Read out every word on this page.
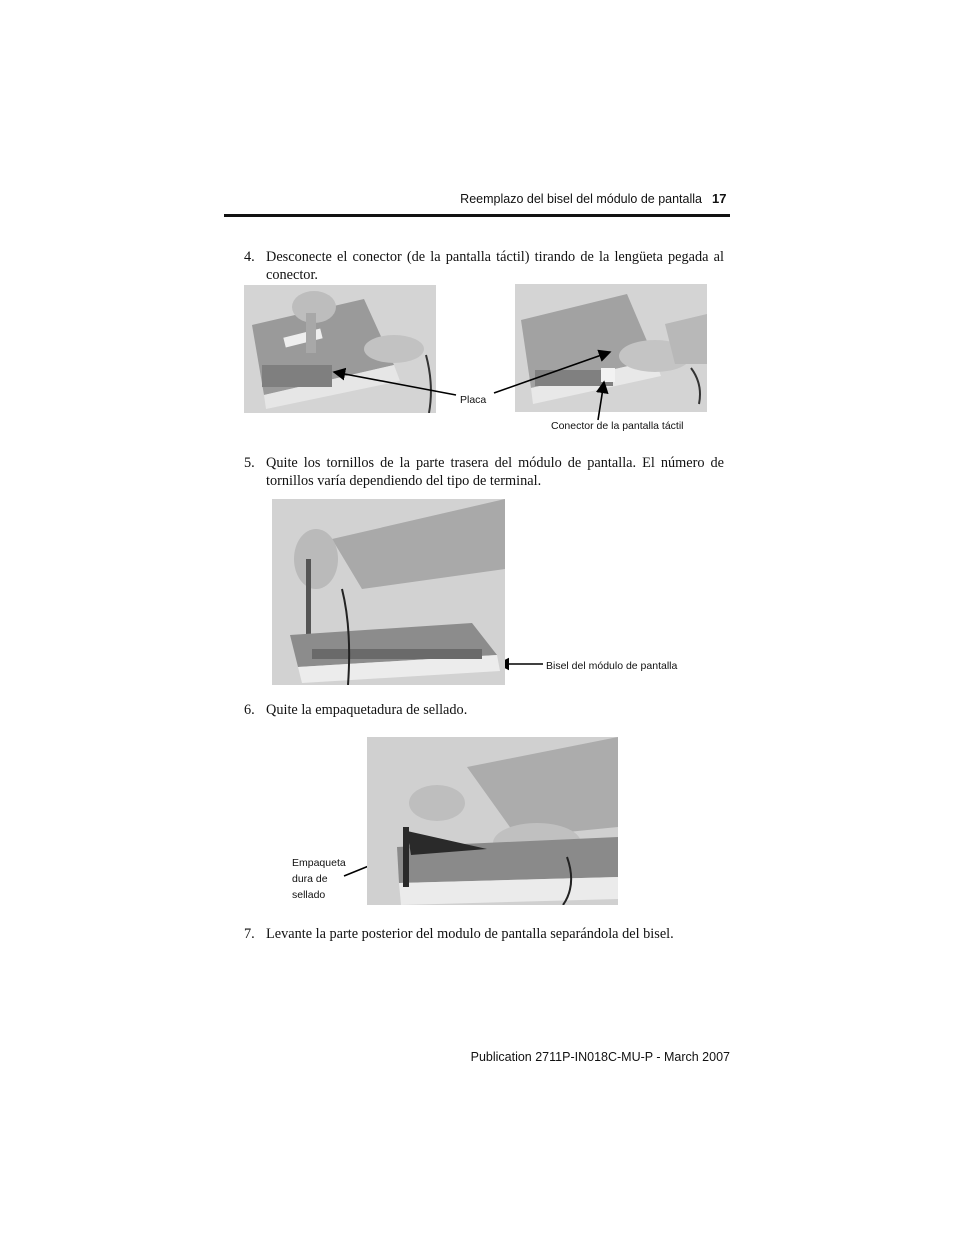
Reemplazo del bisel del módulo de pantalla 17
4. Desconecte el conector (de la pantalla táctil) tirando de la lengüeta pegada al conector.
Placa
Conector de la pantalla táctil
5. Quite los tornillos de la parte trasera del módulo de pantalla. El número de tornillos varía dependiendo del tipo de terminal.
Bisel del módulo de pantalla
6. Quite la empaquetadura de sellado.
Empaqueta dura de sellado
7. Levante la parte posterior del modulo de pantalla separándola del bisel.
Publication 2711P-IN018C-MU-P - March 2007
